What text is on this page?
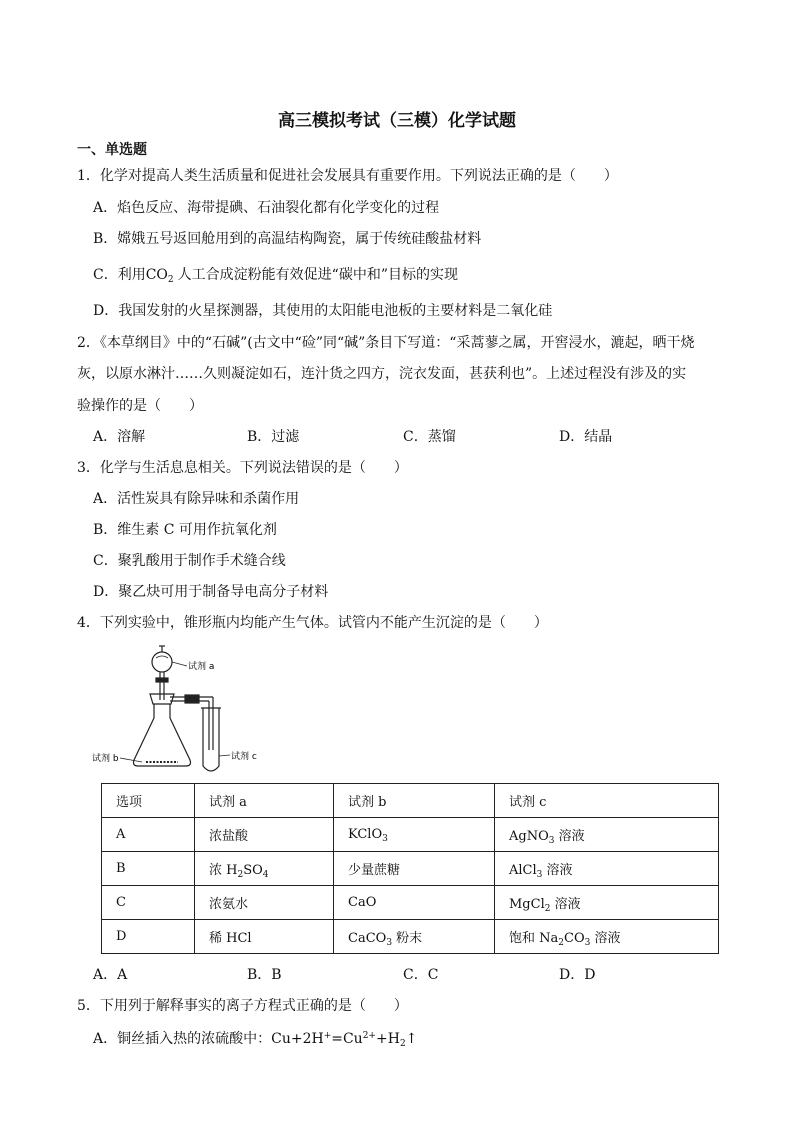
高三模拟考试（三模）化学试题
一、单选题
1．化学对提高人类生活质量和促进社会发展具有重要作用。下列说法正确的是（　　）
A．焰色反应、海带提碘、石油裂化都有化学变化的过程
B．嫦娥五号返回舱用到的高温结构陶瓷，属于传统硅酸盐材料
C．利用$CO_2$ 人工合成淀粉能有效促进“碳中和”目标的实现
D．我国发射的火星探测器，其使用的太阳能电池板的主要材料是二氧化硅
2．《本草纲目》中的“石碱”(古文中“硷”同“碱”条目下写道：“采蒿蓼之属，开窖浸水，漉起，晒干烧
灰，以原水淋汁……久则凝淀如石，连汁货之四方，浣衣发面，甚获利也”。上述过程没有涉及的实
验操作的是（　　）
A．溶解	B．过滤	C．蒸馏	D．结晶
3．化学与生活息息相关。下列说法错误的是（　　）
A．活性炭具有除异味和杀菌作用
B．维生素 C 可用作抗氧化剂
C．聚乳酸用于制作手术缝合线
D．聚乙炔可用于制备导电高分子材料
4．下列实验中，锥形瓶内均能产生气体。试管内不能产生沉淀的是（　　）
试剂 a
试剂 b	试剂 c
选项	试剂 a	试剂 b	试剂 c
A	浓盐酸	KClO$_3$	AgNO$_3$ 溶液
B	浓 $H_2SO_4$	少量蔗糖	AlCl$_3$ 溶液
C	浓氨水	CaO	MgCl$_2$ 溶液
D	稀 HCl	CaCO$_3$ 粉末	饱和 $Na_2CO_3$ 溶液
A．A	B．B	C．C	D．D
5．下用列于解释事实的离子方程式正确的是（　　）
A．铜丝插入热的浓硫酸中：$Cu+2H^+=Cu^{2+}+H_2↑$
